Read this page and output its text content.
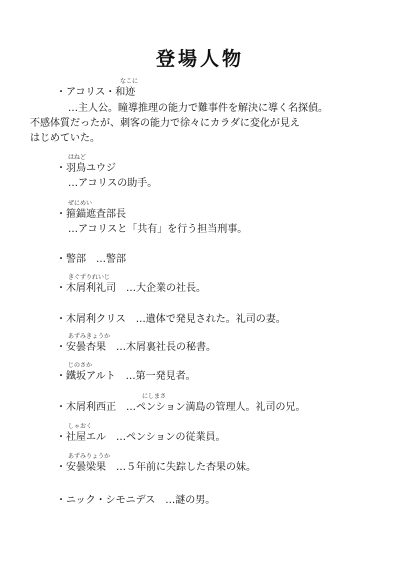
登場人物
なこに
・アコリス・和迹
…主人公。瞳導推理の能力で難事件を解決に導く名探偵。
不感体質だったが、刺客の能力で徐々にカラダに変化が見え
はじめていた。
はねど
・羽鳥ユウジ
…アコリスの助手。
ぜにめい
・箍錨遮査部長
…アコリスと「共有」を行う担当刑事。
・警部　…警部
きぐずりれいじ
・木屑利礼司　…大企業の社長。
・木屑利クリス　…遺体で発見された。礼司の妻。
あずみきょうか
・安曇杏果　…木屑裏社長の秘書。
じのさか
・鐵坂アルト　…第一発見者。
にしまさ
・木屑利西正　…ペンション満島の管理人。礼司の兄。
しゃおく
・社屋エル　…ペンションの従業員。
あずみりょうか
・安曇梁果　…５年前に失踪した杏果の妹。
・ニック・シモニデス　…謎の男。
